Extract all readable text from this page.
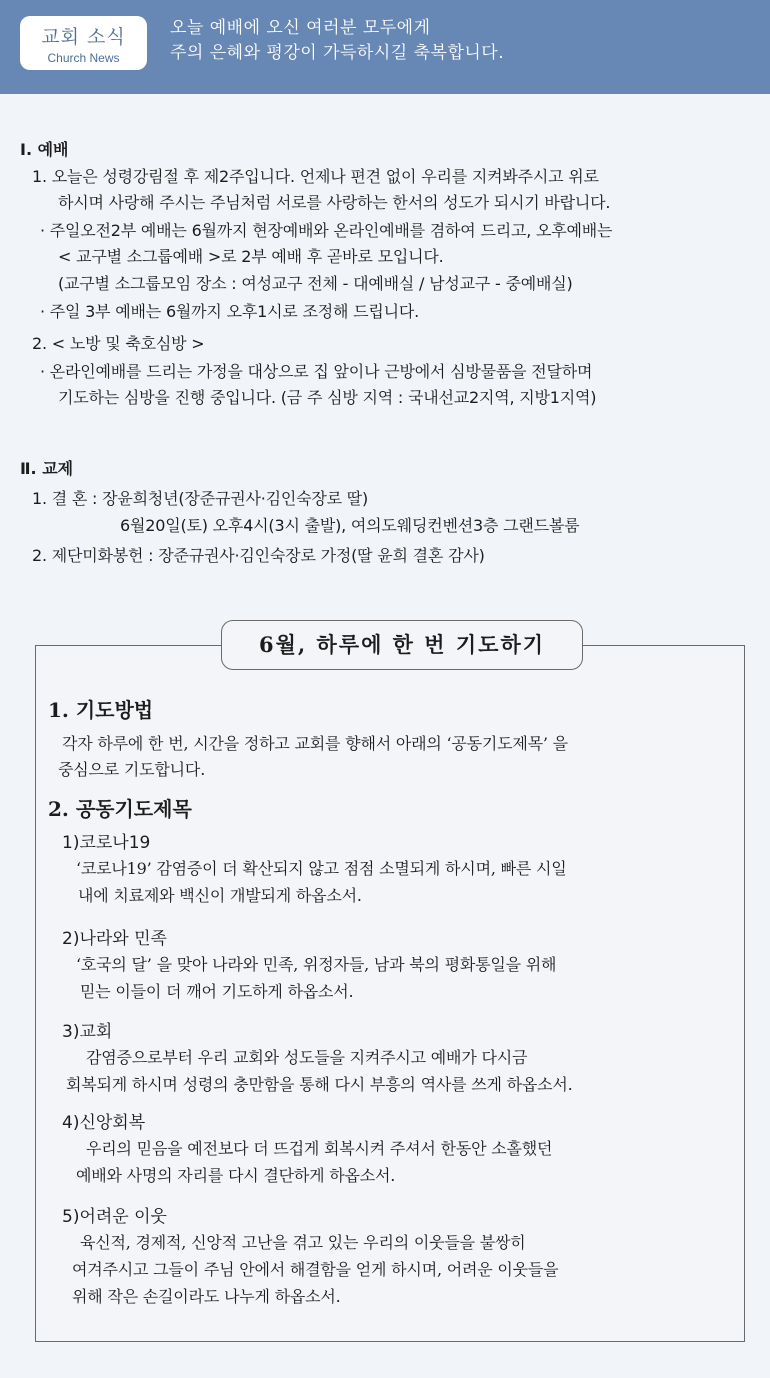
교회 소식
Church News
오늘 예배에 오신 여러분 모두에게
주의 은혜와 평강이 가득하시길 축복합니다.
Ⅰ. 예배
1. 오늘은 성령강림절 후 제2주입니다. 언제나 편견 없이 우리를 지켜봐주시고 위로
하시며 사랑해 주시는 주님처럼 서로를 사랑하는 한서의 성도가 되시기 바랍니다.
· 주일오전2부 예배는 6월까지 현장예배와 온라인예배를 겸하여 드리고, 오후예배는
< 교구별 소그룹예배 >로 2부 예배 후 곧바로 모입니다.
(교구별 소그룹모임 장소 : 여성교구 전체 - 대예배실 / 남성교구 - 중예배실)
· 주일 3부 예배는 6월까지 오후1시로 조정해 드립니다.
2. < 노방 및 축호심방 >
· 온라인예배를 드리는 가정을 대상으로 집 앞이나 근방에서 심방물품을 전달하며
기도하는 심방을 진행 중입니다. (금 주 심방 지역 : 국내선교2지역, 지방1지역)
Ⅱ. 교제
1. 결 혼 : 장윤희청년(장준규권사·김인숙장로 딸)
6월20일(토) 오후4시(3시 출발), 여의도웨딩컨벤션3층 그랜드볼룸
2. 제단미화봉헌 : 장준규권사·김인숙장로 가정(딸 윤희 결혼 감사)
6월, 하루에 한 번 기도하기
1. 기도방법
각자 하루에 한 번, 시간을 정하고 교회를 향해서 아래의 ‘공동기도제목’ 을
중심으로 기도합니다.
2. 공동기도제목
1)코로나19
‘코로나19’ 감염증이 더 확산되지 않고 점점 소멸되게 하시며, 빠른 시일
내에 치료제와 백신이 개발되게 하옵소서.
2)나라와 민족
‘호국의 달’ 을 맞아 나라와 민족, 위정자들, 남과 북의 평화통일을 위해
믿는 이들이 더 깨어 기도하게 하옵소서.
3)교회
감염증으로부터 우리 교회와 성도들을 지켜주시고 예배가 다시금
회복되게 하시며 성령의 충만함을 통해 다시 부흥의 역사를 쓰게 하옵소서.
4)신앙회복
우리의 믿음을 예전보다 더 뜨겁게 회복시켜 주셔서 한동안 소홀했던
예배와 사명의 자리를 다시 결단하게 하옵소서.
5)어려운 이웃
육신적, 경제적, 신앙적 고난을 겪고 있는 우리의 이웃들을 불쌍히
여겨주시고 그들이 주님 안에서 해결함을 얻게 하시며, 어려운 이웃들을
위해 작은 손길이라도 나누게 하옵소서.
